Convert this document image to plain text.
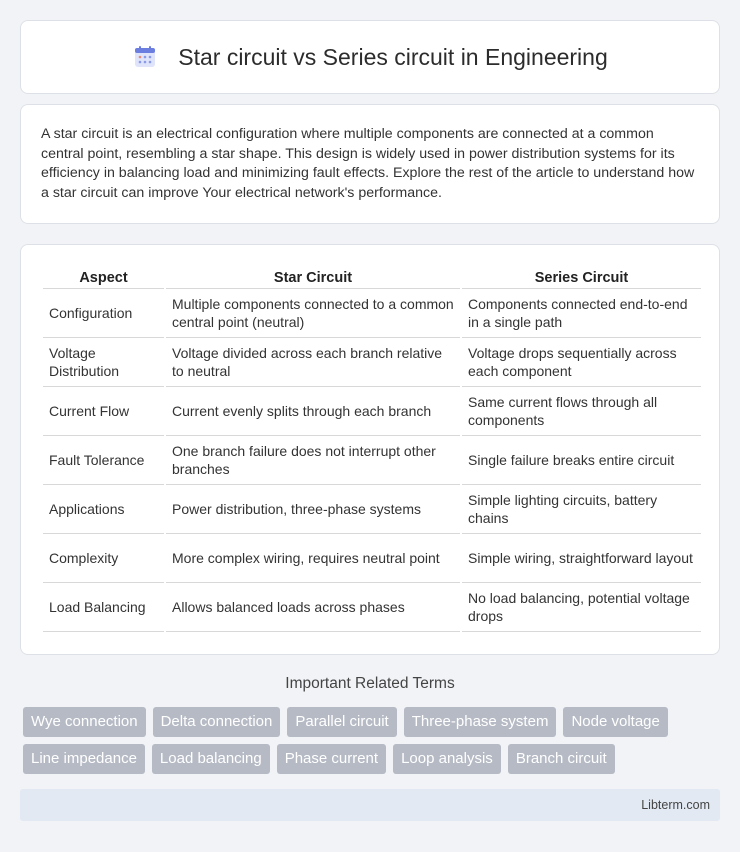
Star circuit vs Series circuit in Engineering

A star circuit is an electrical configuration where multiple components are connected at a common central point, resembling a star shape. This design is widely used in power distribution systems for its efficiency in balancing load and minimizing fault effects. Explore the rest of the article to understand how a star circuit can improve Your electrical network's performance.

Aspect	Star Circuit	Series Circuit
Configuration	Multiple components connected to a common central point (neutral)	Components connected end-to-end in a single path
Voltage Distribution	Voltage divided across each branch relative to neutral	Voltage drops sequentially across each component
Current Flow	Current evenly splits through each branch	Same current flows through all components
Fault Tolerance	One branch failure does not interrupt other branches	Single failure breaks entire circuit
Applications	Power distribution, three-phase systems	Simple lighting circuits, battery chains
Complexity	More complex wiring, requires neutral point	Simple wiring, straightforward layout
Load Balancing	Allows balanced loads across phases	No load balancing, potential voltage drops
Important Related Terms
Wye connection	Delta connection	Parallel circuit	Three-phase system	Node voltage
Line impedance	Load balancing	Phase current	Loop analysis	Branch circuit
Libterm.com
